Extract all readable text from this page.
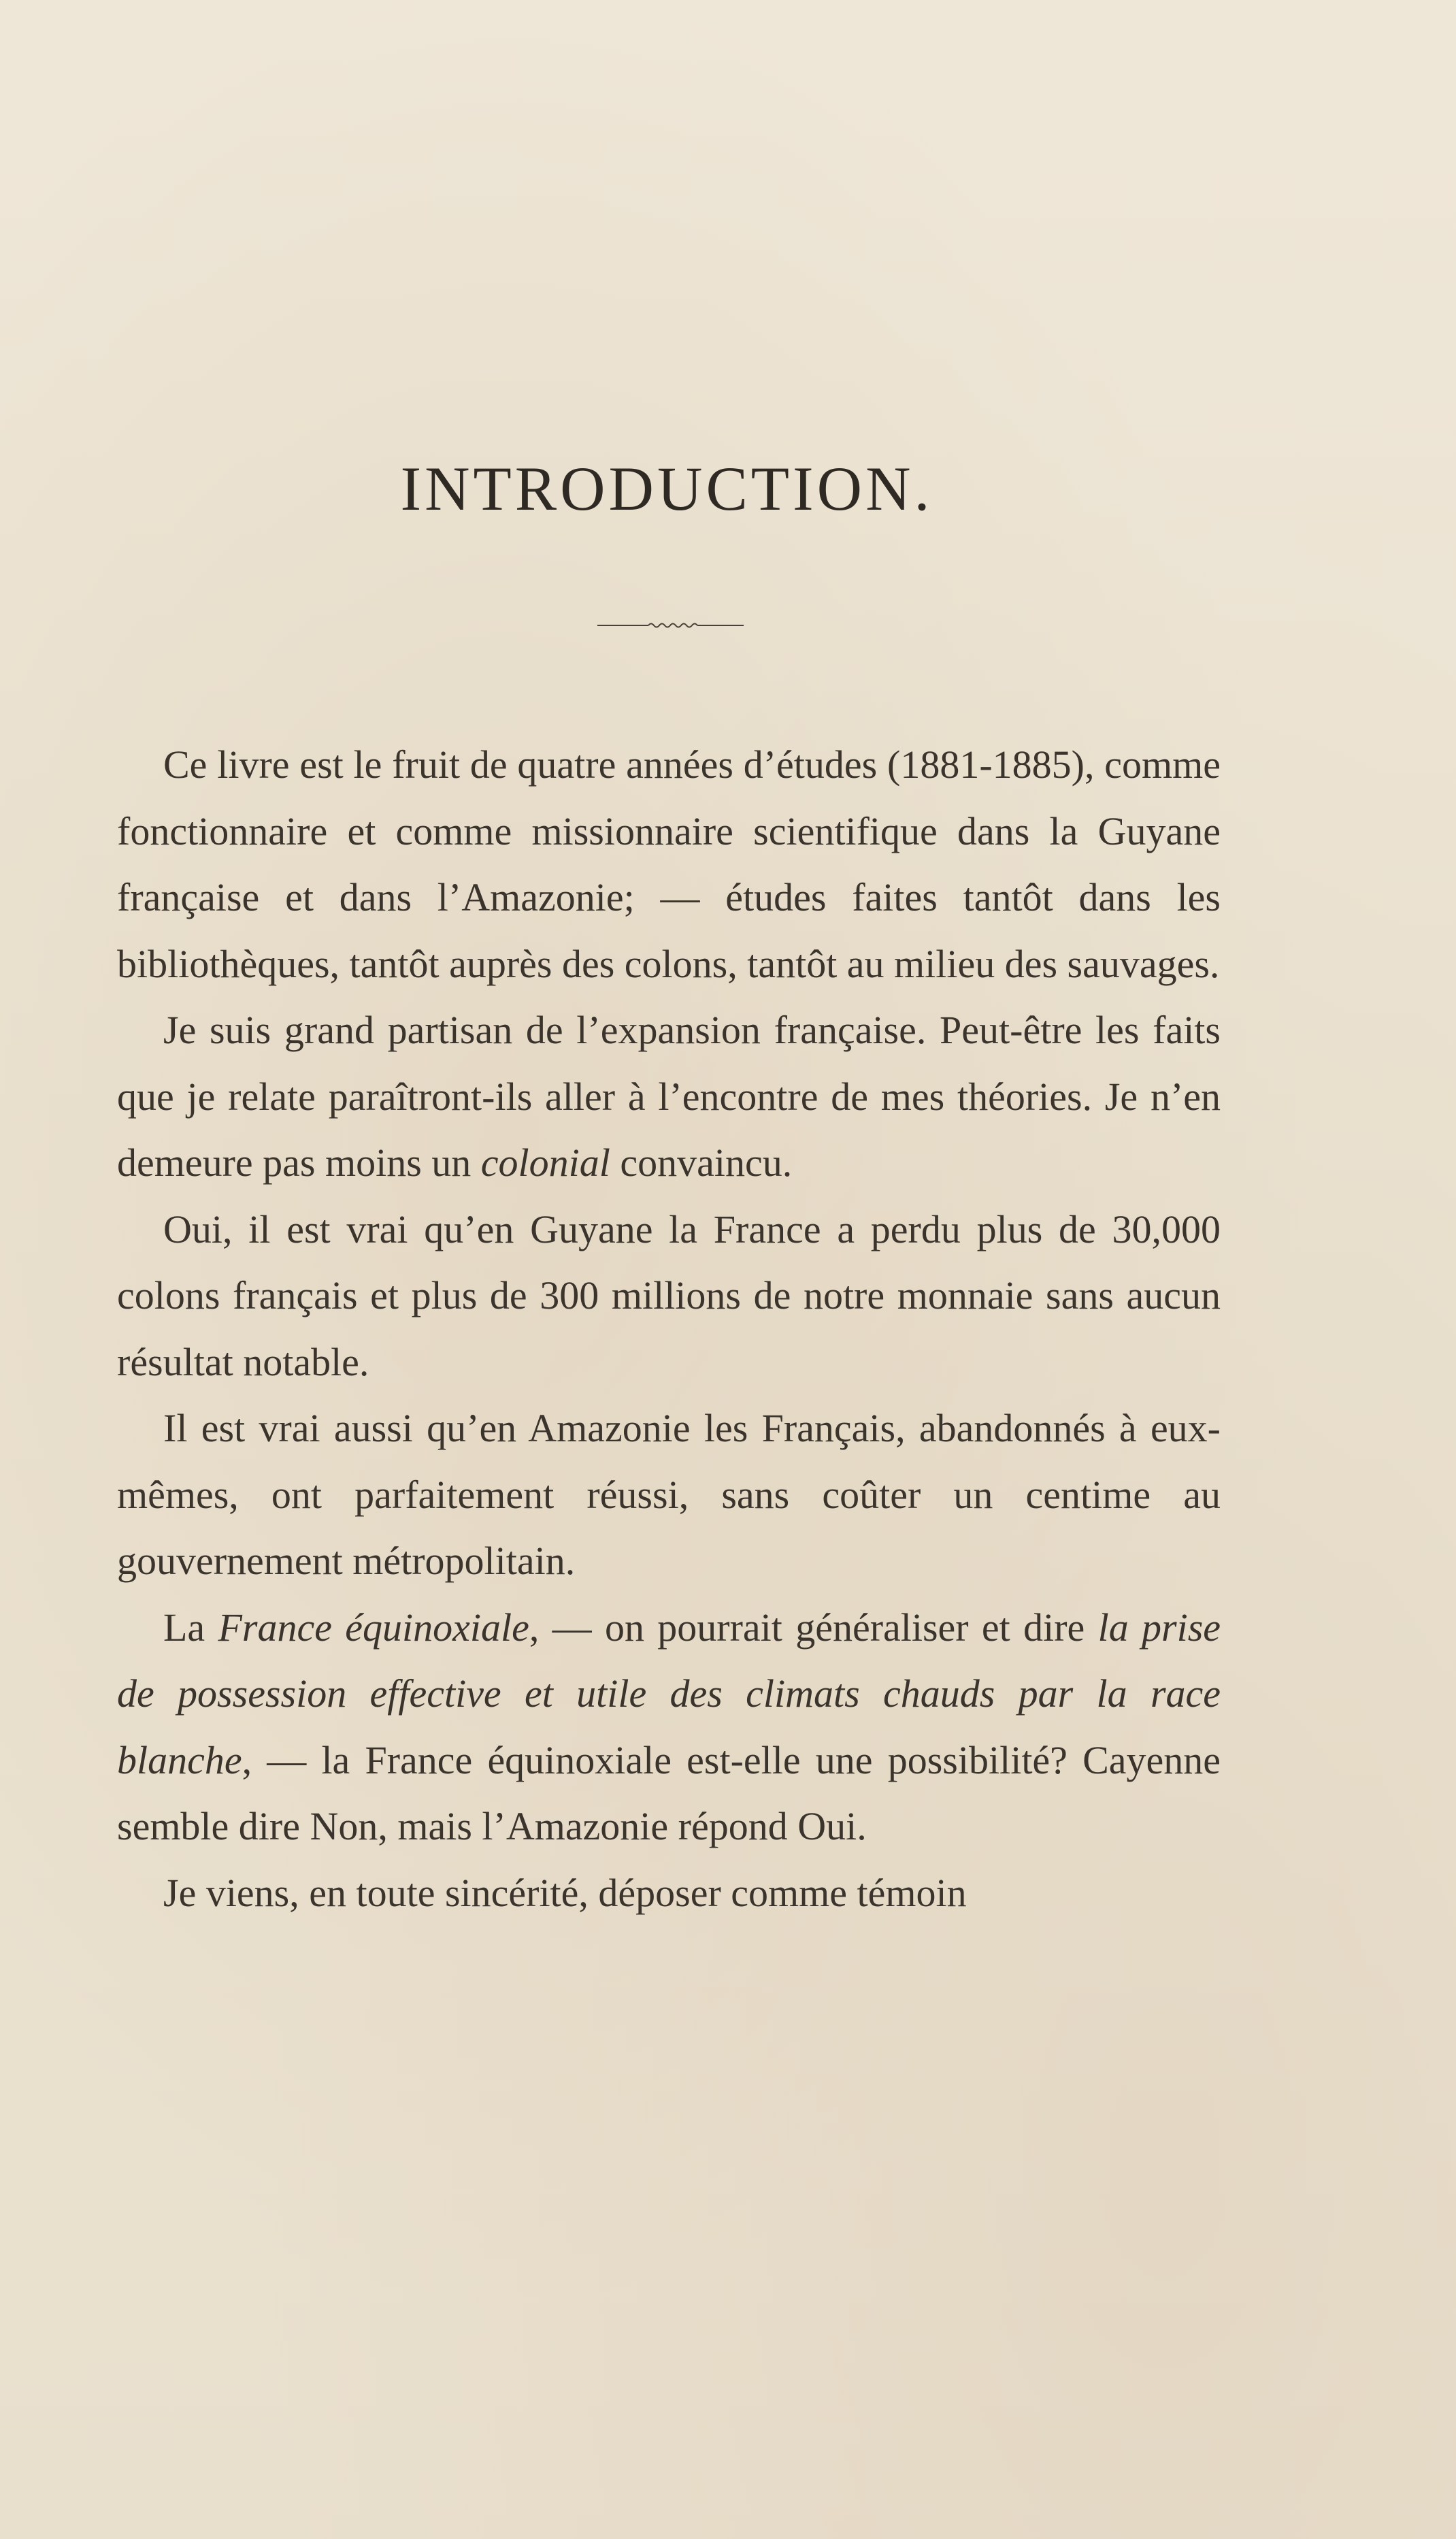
INTRODUCTION.

Ce livre est le fruit de quatre années d’études (1881-1885), comme fonctionnaire et comme missionnaire scientifique dans la Guyane française et dans l’Amazonie; — études faites tantôt dans les bibliothèques, tantôt auprès des colons, tantôt au milieu des sauvages.

Je suis grand partisan de l’expansion française. Peut-être les faits que je relate paraîtront-ils aller à l’encontre de mes théories. Je n’en demeure pas moins un colonial convaincu.

Oui, il est vrai qu’en Guyane la France a perdu plus de 30,000 colons français et plus de 300 millions de notre monnaie sans aucun résultat notable.

Il est vrai aussi qu’en Amazonie les Français, abandonnés à eux-mêmes, ont parfaitement réussi, sans coûter un centime au gouvernement métropolitain.

La France équinoxiale, — on pourrait généraliser et dire la prise de possession effective et utile des climats chauds par la race blanche, — la France équinoxiale est-elle une possibilité? Cayenne semble dire Non, mais l’Amazonie répond Oui.

Je viens, en toute sincérité, déposer comme témoin
